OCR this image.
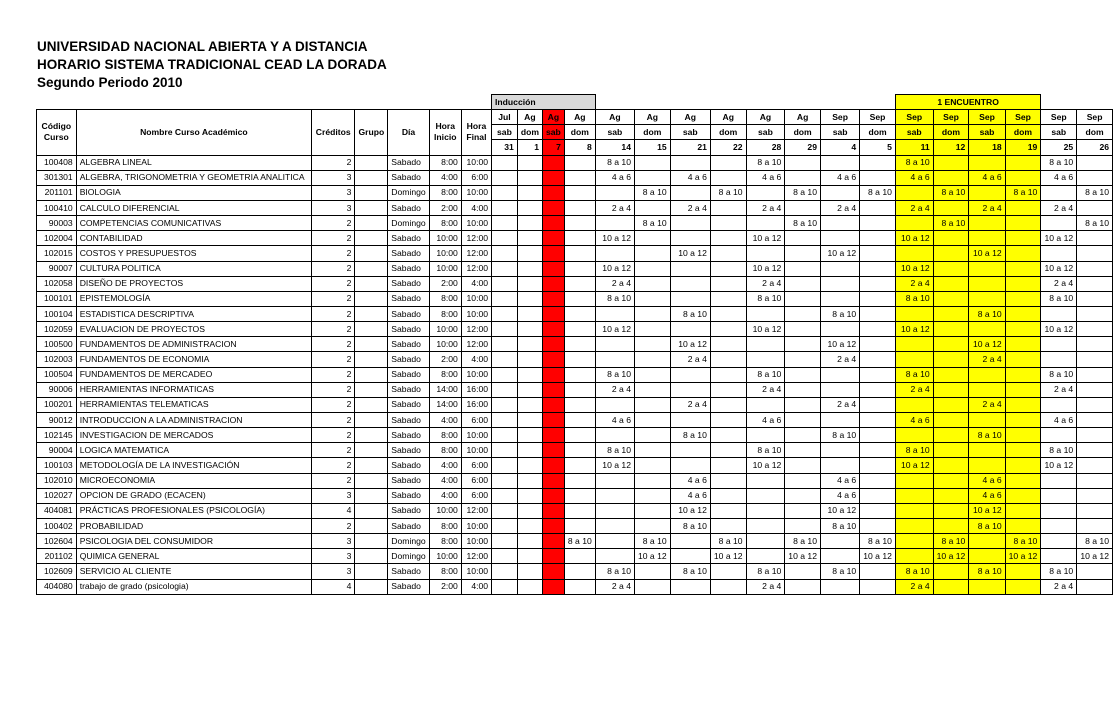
UNIVERSIDAD NACIONAL ABIERTA Y A DISTANCIA
HORARIO SISTEMA TRADICIONAL CEAD LA DORADA
Segundo Periodo 2010
							Inducción												1 ENCUENTRO					
Código Curso	Nombre Curso Académico	Créditos	Grupo	Día	Hora Inicio	Hora Final	Jul	Ag	Ag	Ag	Ag	Ag	Ag	Ag	Ag	Ag	Sep	Sep	Sep	Sep	Sep	Sep	Sep	Sep
							sab	dom	sab	dom	sab	dom	sab	dom	sab	dom	sab	dom	sab	dom	sab	dom	sab	dom
							31	1	7	8	14	15	21	22	28	29	4	5	11	12	18	19	25	26
100408	ALGEBRA LINEAL	2		Sabado	8:00	10:00					8 a 10				8 a 10				8 a 10				8 a 10	
301301	ALGEBRA, TRIGONOMETRIA Y GEOMETRIA ANALITICA	3		Sabado	4:00	6:00					4 a 6		4 a 6		4 a 6		4 a 6		4 a 6		4 a 6		4 a 6	
201101	BIOLOGIA	3		Domingo	8:00	10:00						8 a 10		8 a 10		8 a 10		8 a 10		8 a 10		8 a 10		8 a 10
100410	CALCULO DIFERENCIAL	3		Sabado	2:00	4:00					2 a 4		2 a 4		2 a 4		2 a 4		2 a 4		2 a 4		2 a 4	
90003	COMPETENCIAS COMUNICATIVAS	2		Domingo	8:00	10:00						8 a 10				8 a 10				8 a 10				8 a 10
102004	CONTABILIDAD	2		Sabado	10:00	12:00					10 a 12				10 a 12				10 a 12				10 a 12	
102015	COSTOS Y PRESUPUESTOS	2		Sabado	10:00	12:00							10 a 12				10 a 12				10 a 12			
90007	CULTURA POLITICA	2		Sabado	10:00	12:00					10 a 12				10 a 12				10 a 12				10 a 12	
102058	DISEÑO DE PROYECTOS	2		Sabado	2:00	4:00					2 a 4				2 a 4				2 a 4				2 a 4	
100101	EPISTEMOLOGÍA	2		Sabado	8:00	10:00					8 a 10				8 a 10				8 a 10				8 a 10	
100104	ESTADISTICA DESCRIPTIVA	2		Sabado	8:00	10:00							8 a 10				8 a 10				8 a 10			
102059	EVALUACION DE PROYECTOS	2		Sabado	10:00	12:00					10 a 12				10 a 12				10 a 12				10 a 12	
100500	FUNDAMENTOS DE ADMINISTRACION	2		Sabado	10:00	12:00							10 a 12				10 a 12				10 a 12			
102003	FUNDAMENTOS DE ECONOMIA	2		Sabado	2:00	4:00							2 a 4				2 a 4				2 a 4			
100504	FUNDAMENTOS DE MERCADEO	2		Sabado	8:00	10:00					8 a 10				8 a 10				8 a 10				8 a 10	
90006	HERRAMIENTAS INFORMATICAS	2		Sabado	14:00	16:00					2 a 4				2 a 4				2 a 4				2 a 4	
100201	HERRAMIENTAS TELEMATICAS	2		Sabado	14:00	16:00							2 a 4				2 a 4				2 a 4			
90012	INTRODUCCION A LA ADMINISTRACION	2		Sabado	4:00	6:00					4 a 6				4 a 6				4 a 6				4 a 6	
102145	INVESTIGACION DE MERCADOS	2		Sabado	8:00	10:00							8 a 10				8 a 10				8 a 10			
90004	LOGICA MATEMATICA	2		Sabado	8:00	10:00					8 a 10				8 a 10				8 a 10				8 a 10	
100103	METODOLOGÍA DE LA INVESTIGACIÓN	2		Sabado	4:00	6:00					10 a 12				10 a 12				10 a 12				10 a 12	
102010	MICROECONOMIA	2		Sabado	4:00	6:00							4 a 6				4 a 6				4 a 6			
102027	OPCION DE GRADO (ECACEN)	3		Sabado	4:00	6:00							4 a 6				4 a 6				4 a 6			
404081	PRÁCTICAS PROFESIONALES (PSICOLOGÍA)	4		Sabado	10:00	12:00							10 a 12				10 a 12				10 a 12			
100402	PROBABILIDAD	2		Sabado	8:00	10:00							8 a 10				8 a 10				8 a 10			
102604	PSICOLOGIA DEL CONSUMIDOR	3		Domingo	8:00	10:00				8 a 10		8 a 10		8 a 10		8 a 10		8 a 10		8 a 10		8 a 10		8 a 10
201102	QUIMICA GENERAL	3		Domingo	10:00	12:00						10 a 12		10 a 12		10 a 12		10 a 12		10 a 12		10 a 12		10 a 12
102609	SERVICIO AL CLIENTE	3		Sabado	8:00	10:00					8 a 10		8 a 10		8 a 10		8 a 10		8 a 10		8 a 10		8 a 10	
404080	trabajo de grado (psicologia)	4		Sabado	2:00	4:00					2 a 4				2 a 4				2 a 4				2 a 4	
